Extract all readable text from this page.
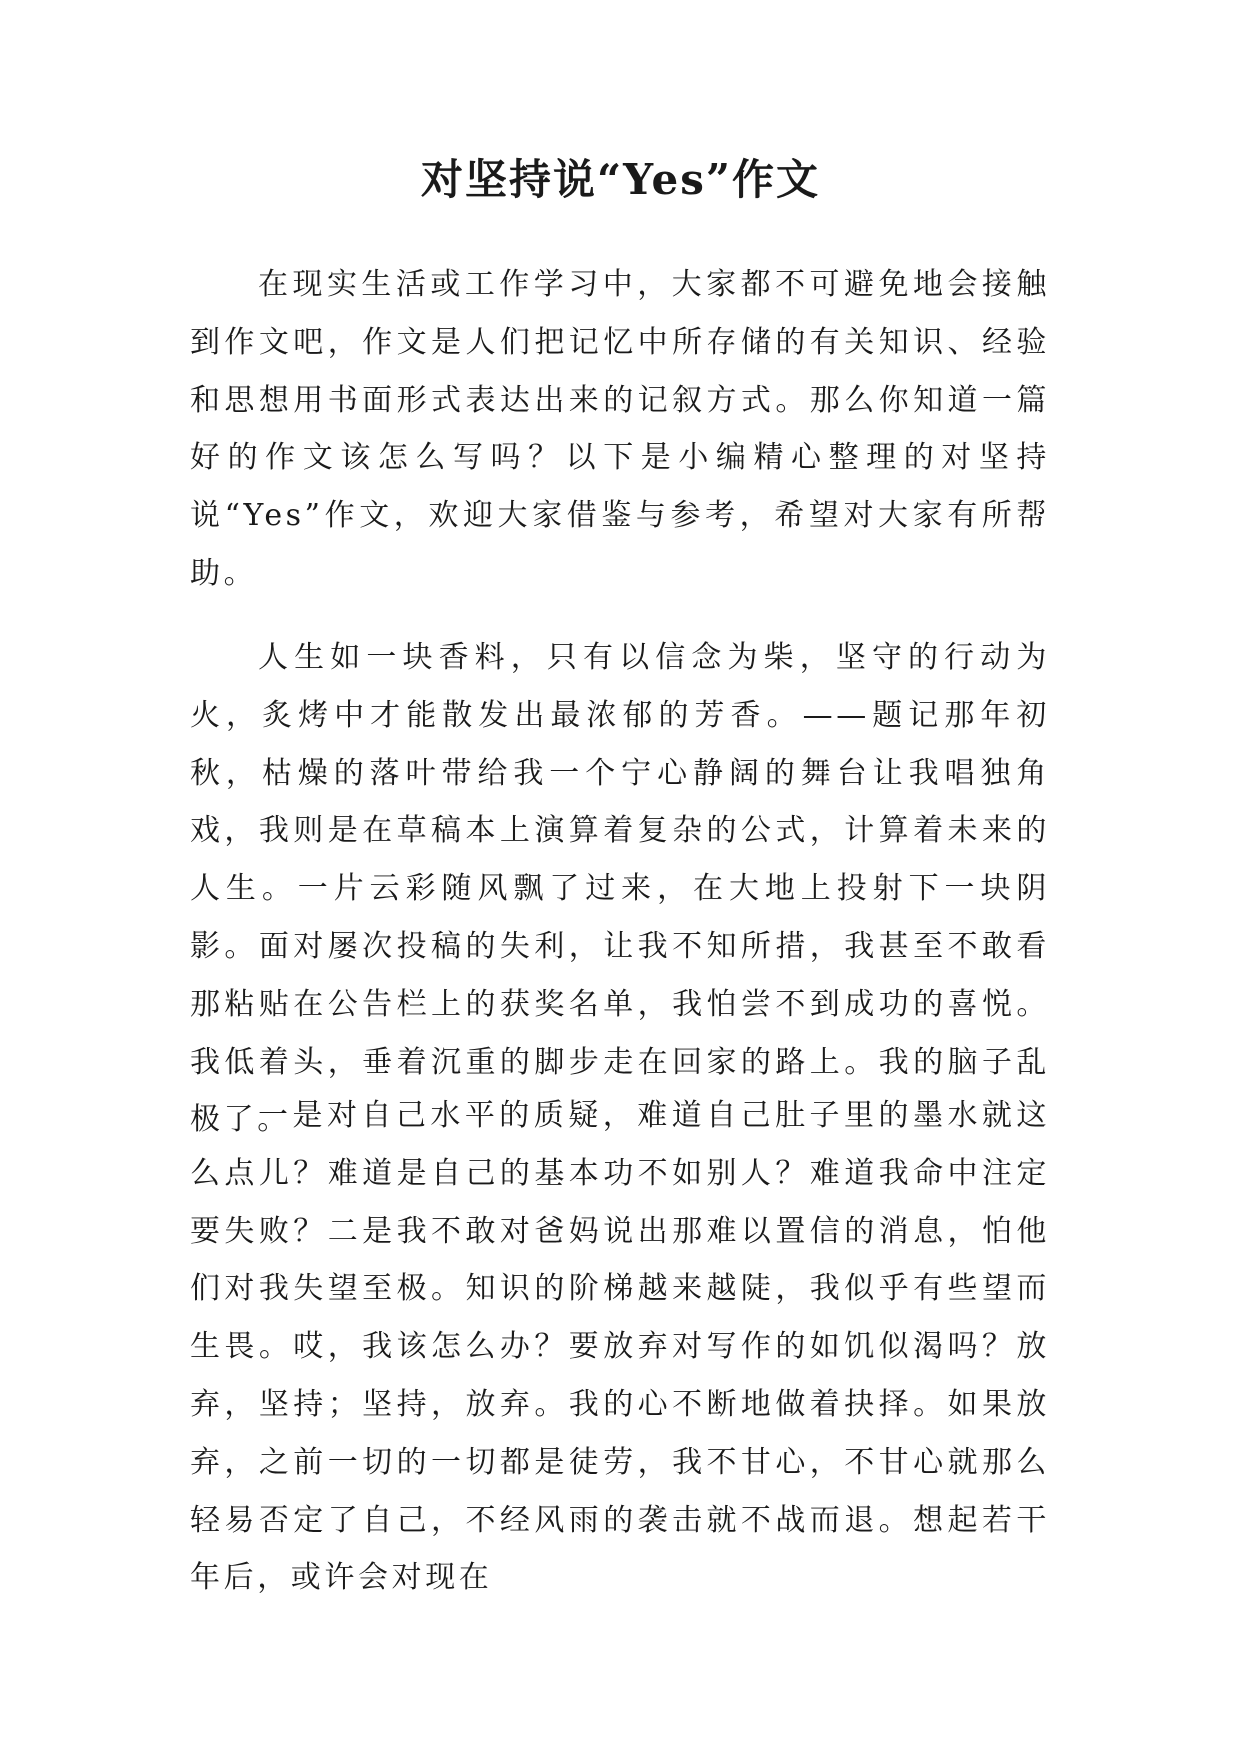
对坚持说“Yes”作文

在现实生活或工作学习中，大家都不可避免地会接触到作文吧，作文是人们把记忆中所存储的有关知识、经验和思想用书面形式表达出来的记叙方式。那么你知道一篇好的作文该怎么写吗？以下是小编精心整理的对坚持说“Yes”作文，欢迎大家借鉴与参考，希望对大家有所帮助。

人生如一块香料，只有以信念为柴，坚守的行动为火，炙烤中才能散发出最浓郁的芳香。——题记那年初秋，枯燥的落叶带给我一个宁心静阔的舞台让我唱独角戏，我则是在草稿本上演算着复杂的公式，计算着未来的人生。一片云彩随风飘了过来，在大地上投射下一块阴影。面对屡次投稿的失利，让我不知所措，我甚至不敢看那粘贴在公告栏上的获奖名单，我怕尝不到成功的喜悦。我低着头，垂着沉重的脚步走在回家的路上。我的脑子乱极了。

一是对自己水平的质疑，难道自己肚子里的墨水就这么点儿？难道是自己的基本功不如别人？难道我命中注定要失败？二是我不敢对爸妈说出那难以置信的消息，怕他们对我失望至极。知识的阶梯越来越陡，我似乎有些望而生畏。哎，我该怎么办？要放弃对写作的如饥似渴吗？放弃，坚持；坚持，放弃。我的心不断地做着抉择。如果放弃，之前一切的一切都是徒劳，我不甘心，不甘心就那么轻易否定了自己，不经风雨的袭击就不战而退。想起若干年后，或许会对现在
